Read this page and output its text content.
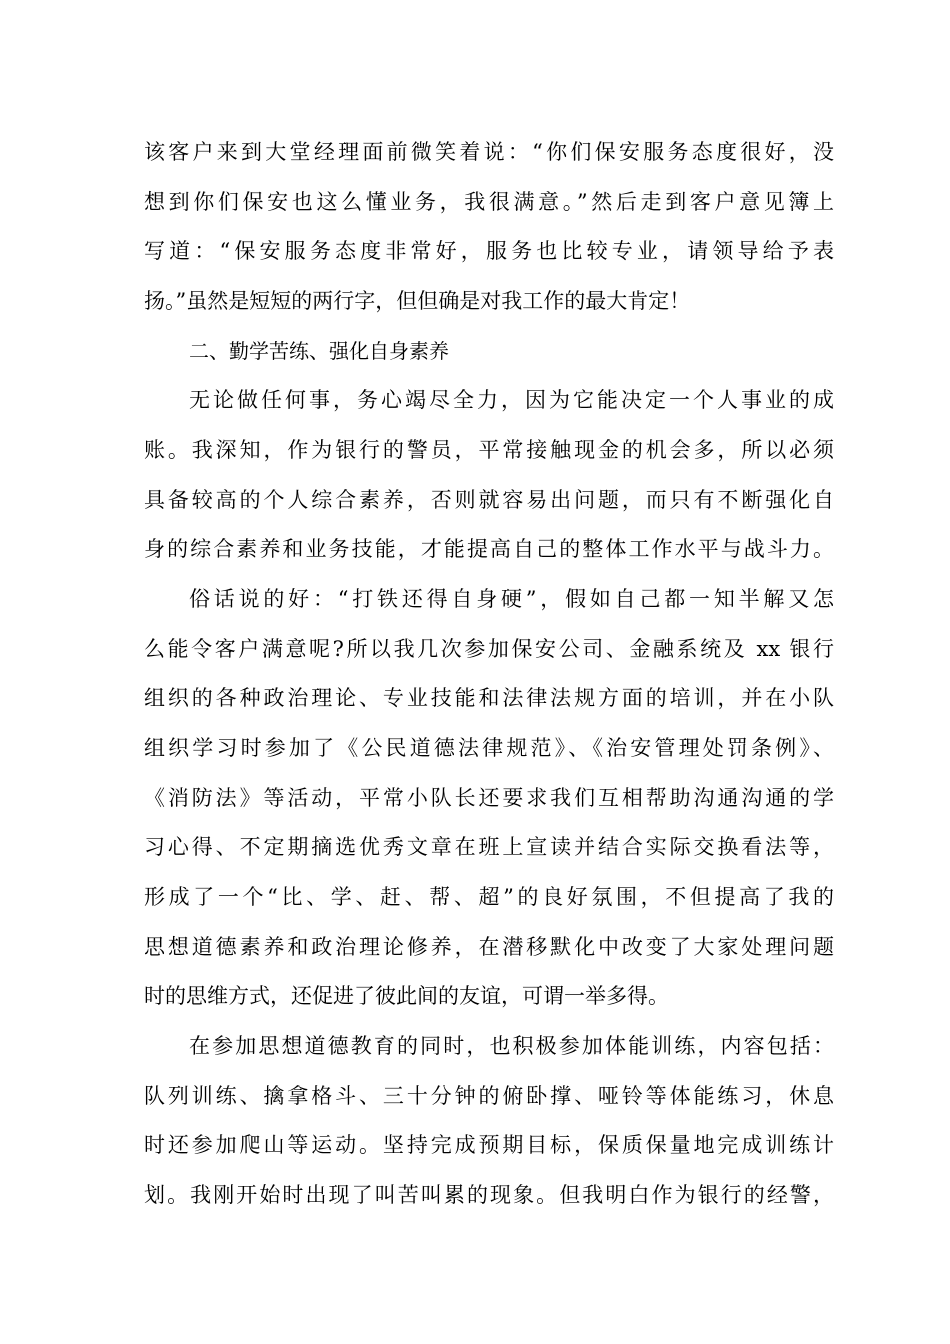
该客户来到大堂经理面前微笑着说：“你们保安服务态度很好，没
想到你们保安也这么懂业务，我很满意。”然后走到客户意见簿上
写道：“保安服务态度非常好，服务也比较专业，请领导给予表
扬。”虽然是短短的两行字，但但确是对我工作的最大肯定！
二、勤学苦练、强化自身素养
无论做任何事，务心竭尽全力，因为它能决定一个人事业的成
账。我深知，作为银行的警员，平常接触现金的机会多，所以必须
具备较高的个人综合素养，否则就容易出问题，而只有不断强化自
身的综合素养和业务技能，才能提高自己的整体工作水平与战斗力。
俗话说的好：“打铁还得自身硬”，假如自己都一知半解又怎
么能令客户满意呢?所以我几次参加保安公司、金融系统及 xx 银行
组织的各种政治理论、专业技能和法律法规方面的培训，并在小队
组织学习时参加了《公民道德法律规范》、《治安管理处罚条例》、
《消防法》等活动，平常小队长还要求我们互相帮助沟通沟通的学
习心得、不定期摘选优秀文章在班上宣读并结合实际交换看法等，
形成了一个“比、学、赶、帮、超”的良好氛围，不但提高了我的
思想道德素养和政治理论修养，在潜移默化中改变了大家处理问题
时的思维方式，还促进了彼此间的友谊，可谓一举多得。
在参加思想道德教育的同时，也积极参加体能训练，内容包括：
队列训练、擒拿格斗、三十分钟的俯卧撑、哑铃等体能练习，休息
时还参加爬山等运动。坚持完成预期目标，保质保量地完成训练计
划。我刚开始时出现了叫苦叫累的现象。但我明白作为银行的经警，
